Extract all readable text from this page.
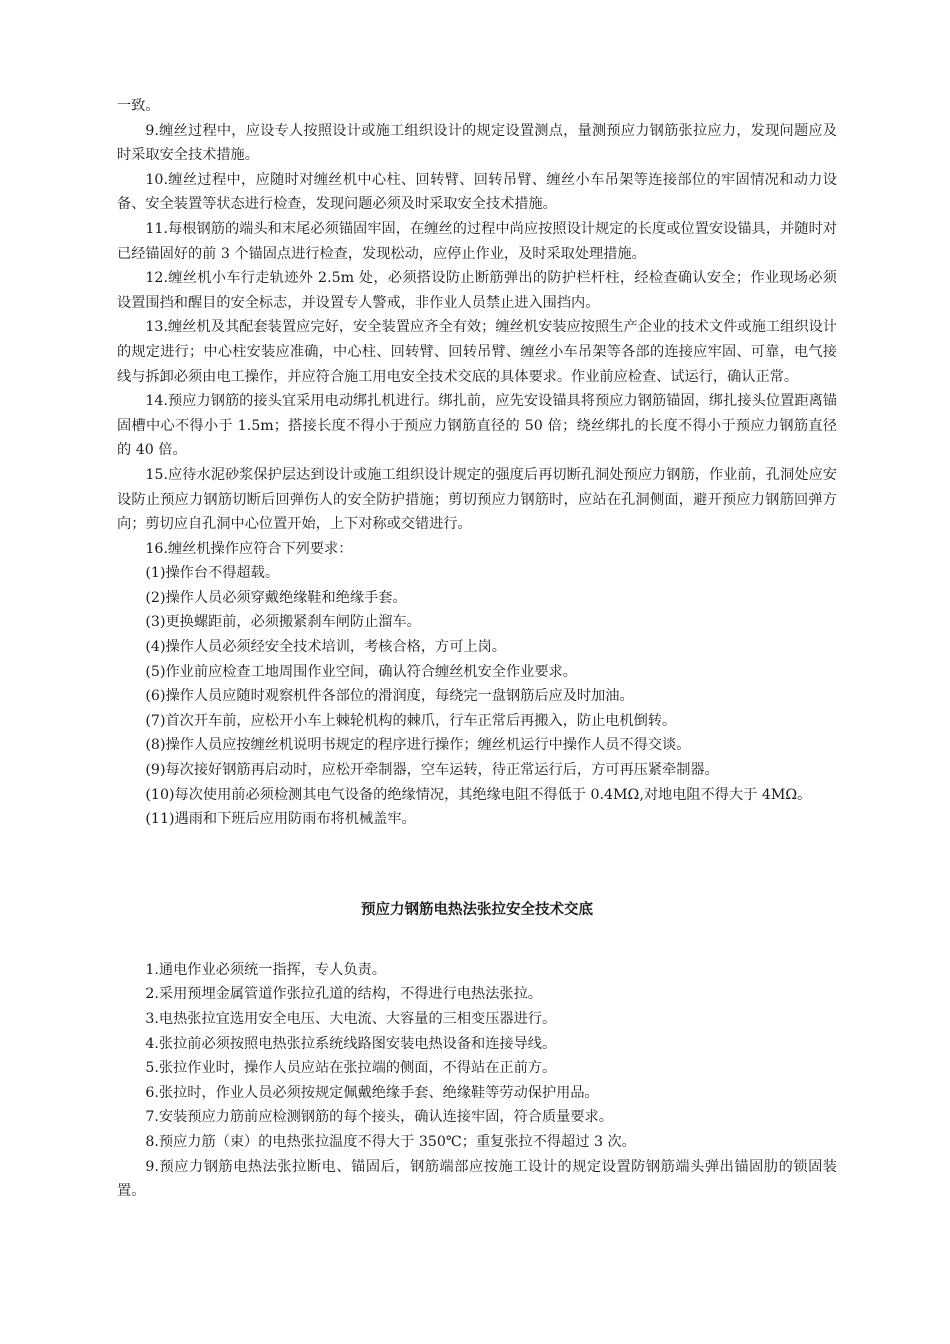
一致。

9.缠丝过程中，应设专人按照设计或施工组织设计的规定设置测点，量测预应力钢筋张拉应力，发现问题应及时采取安全技术措施。

10.缠丝过程中，应随时对缠丝机中心柱、回转臂、回转吊臂、缠丝小车吊架等连接部位的牢固情况和动力设备、安全装置等状态进行检查，发现问题必须及时采取安全技术措施。

11.每根钢筋的端头和末尾必须锚固牢固，在缠丝的过程中尚应按照设计规定的长度或位置安设锚具，并随时对已经锚固好的前 3 个锚固点进行检查，发现松动，应停止作业，及时采取处理措施。

12.缠丝机小车行走轨迹外 2.5m 处，必须搭设防止断筋弹出的防护栏杆柱，经检查确认安全；作业现场必须设置围挡和醒目的安全标志，并设置专人警戒，非作业人员禁止进入围挡内。

13.缠丝机及其配套装置应完好，安全装置应齐全有效；缠丝机安装应按照生产企业的技术文件或施工组织设计的规定进行；中心柱安装应准确，中心柱、回转臂、回转吊臂、缠丝小车吊架等各部的连接应牢固、可靠，电气接线与拆卸必须由电工操作，并应符合施工用电安全技术交底的具体要求。作业前应检查、试运行，确认正常。

14.预应力钢筋的接头宜采用电动绑扎机进行。绑扎前，应先安设锚具将预应力钢筋锚固，绑扎接头位置距离锚固槽中心不得小于 1.5m；搭接长度不得小于预应力钢筋直径的 50 倍；绕丝绑扎的长度不得小于预应力钢筋直径的 40 倍。

15.应待水泥砂浆保护层达到设计或施工组织设计规定的强度后再切断孔洞处预应力钢筋，作业前，孔洞处应安设防止预应力钢筋切断后回弹伤人的安全防护措施；剪切预应力钢筋时，应站在孔洞侧面，避开预应力钢筋回弹方向；剪切应自孔洞中心位置开始，上下对称或交错进行。

16.缠丝机操作应符合下列要求：

(1)操作台不得超载。

(2)操作人员必须穿戴绝缘鞋和绝缘手套。

(3)更换螺距前，必须搬紧刹车闸防止溜车。

(4)操作人员必须经安全技术培训，考核合格，方可上岗。

(5)作业前应检查工地周围作业空间，确认符合缠丝机安全作业要求。

(6)操作人员应随时观察机件各部位的滑润度，每绕完一盘钢筋后应及时加油。

(7)首次开车前，应松开小车上棘轮机构的棘爪，行车正常后再搬入，防止电机倒转。

(8)操作人员应按缠丝机说明书规定的程序进行操作；缠丝机运行中操作人员不得交谈。

(9)每次接好钢筋再启动时，应松开牵制器，空车运转，待正常运行后，方可再压紧牵制器。

(10)每次使用前必须检测其电气设备的绝缘情况，其绝缘电阻不得低于 0.4MΩ,对地电阻不得大于 4MΩ。

(11)遇雨和下班后应用防雨布将机械盖牢。

预应力钢筋电热法张拉安全技术交底

1.通电作业必须统一指挥，专人负责。

2.采用预埋金属管道作张拉孔道的结构，不得进行电热法张拉。

3.电热张拉宜选用安全电压、大电流、大容量的三相变压器进行。

4.张拉前必须按照电热张拉系统线路图安装电热设备和连接导线。

5.张拉作业时，操作人员应站在张拉端的侧面，不得站在正前方。

6.张拉时，作业人员必须按规定佩戴绝缘手套、绝缘鞋等劳动保护用品。

7.安装预应力筋前应检测钢筋的每个接头，确认连接牢固，符合质量要求。

8.预应力筋（束）的电热张拉温度不得大于 350℃；重复张拉不得超过 3 次。

9.预应力钢筋电热法张拉断电、锚固后，钢筋端部应按施工设计的规定设置防钢筋端头弹出锚固肋的锁固装置。
